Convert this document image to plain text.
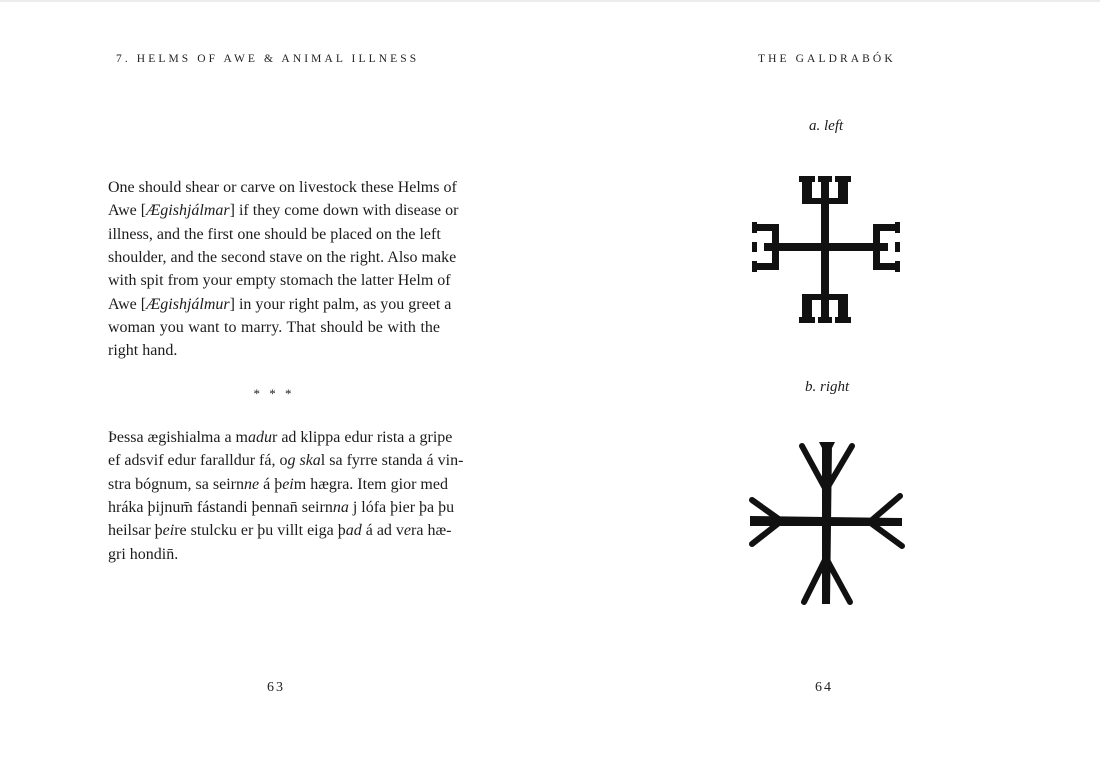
7. HELMS OF AWE & ANIMAL ILLNESS
One should shear or carve on livestock these Helms of
Awe [Ægishjálmar] if they come down with disease or
illness, and the first one should be placed on the left
shoulder, and the second stave on the right. Also make
with spit from your empty stomach the latter Helm of
Awe [Ægishjálmur] in your right palm, as you greet a
woman you want to marry. That should be with the
right hand.
* * *
Þessa ægishialma a madur ad klippa edur rista a gripe
ef adsvif edur faralldur fá, og skal sa fyrre standa á vin-
stra bógnum, sa seirnne á þeim hægra. Item gior med
hráka þijnum̄ fástandi þennan̄ seirnna j lófa þier þa þu
heilsar þeire stulcku er þu villt eiga þad á ad vera hæ-
gri hondin̄.
63
THE GALDRABÓK
a. left
b. right
64
